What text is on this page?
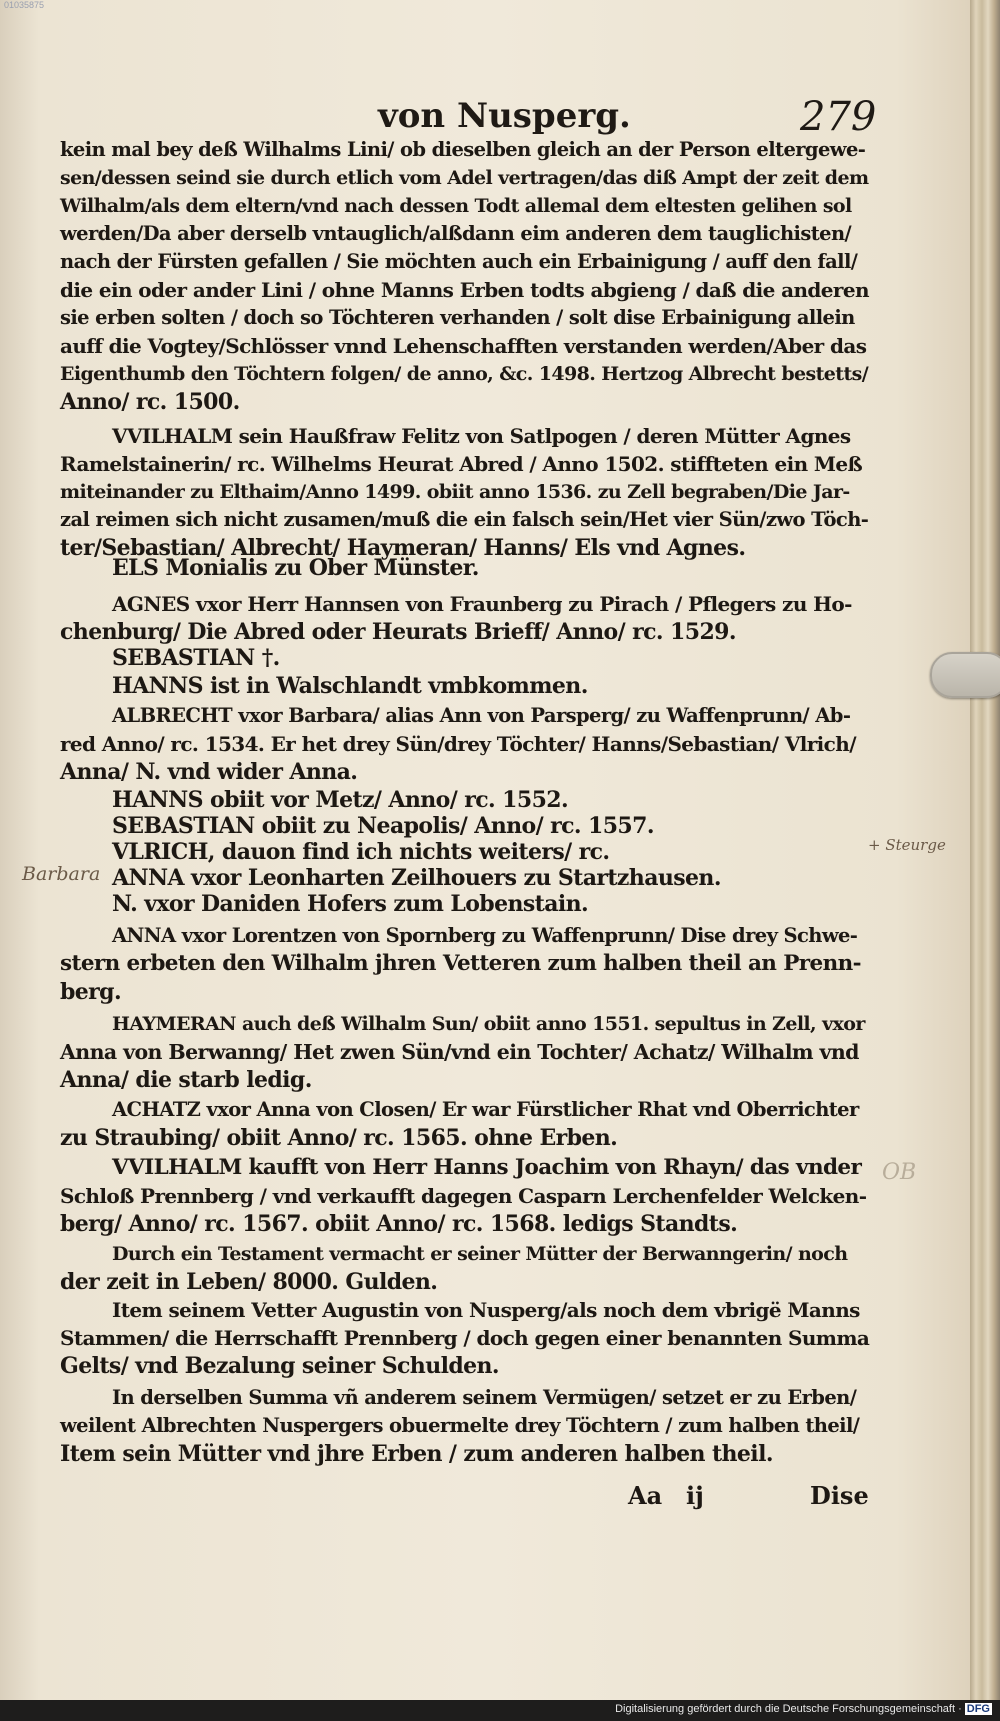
01035875
von Nusperg.	279
kein mal bey deß Wilhalms Lini/ ob dieselben gleich an der Person eltergewe-
sen/dessen seind sie durch etlich vom Adel vertragen/das diß Ampt der zeit dem
Wilhalm/als dem eltern/vnd nach dessen Todt allemal dem eltesten gelihen sol
werden/Da aber derselb vntauglich/alßdann eim anderen dem tauglichisten/
nach der Fürsten gefallen / Sie möchten auch ein Erbainigung / auff den fall/
die ein oder ander Lini / ohne Manns Erben todts abgieng / daß die anderen
sie erben solten / doch so Töchteren verhanden / solt dise Erbainigung allein
auff die Vogtey/Schlösser vnnd Lehenschafften verstanden werden/Aber das
Eigenthumb den Töchtern folgen/ de anno, &c. 1498. Hertzog Albrecht bestetts/
Anno/ rc. 1500.
VVILHALM sein Haußfraw Felitz von Satlpogen / deren Mütter Agnes
Ramelstainerin/ rc. Wilhelms Heurat Abred / Anno 1502. stiffteten ein Meß
miteinander zu Elthaim/Anno 1499. obiit anno 1536. zu Zell begraben/Die Jar-
zal reimen sich nicht zusamen/muß die ein falsch sein/Het vier Sün/zwo Töch-
ter/Sebastian/ Albrecht/ Haymeran/ Hanns/ Els vnd Agnes.
ELS Monialis zu Ober Münster.
AGNES vxor Herr Hannsen von Fraunberg zu Pirach / Pflegers zu Ho-
chenburg/ Die Abred oder Heurats Brieff/ Anno/ rc. 1529.
SEBASTIAN †.
HANNS ist in Walschlandt vmbkommen.
ALBRECHT vxor Barbara/ alias Ann von Parsperg/ zu Waffenprunn/ Ab-
red Anno/ rc. 1534. Er het drey Sün/drey Töchter/ Hanns/Sebastian/ Vlrich/
Anna/ N. vnd wider Anna.
HANNS obiit vor Metz/ Anno/ rc. 1552.
SEBASTIAN obiit zu Neapolis/ Anno/ rc. 1557.
VLRICH, dauon find ich nichts weiters/ rc.
ANNA vxor Leonharten Zeilhouers zu Startzhausen.
N. vxor Daniden Hofers zum Lobenstain.
ANNA vxor Lorentzen von Spornberg zu Waffenprunn/ Dise drey Schwe-
stern erbeten den Wilhalm jhren Vetteren zum halben theil an Prenn-
berg.
HAYMERAN auch deß Wilhalm Sun/ obiit anno 1551. sepultus in Zell, vxor
Anna von Berwanng/ Het zwen Sün/vnd ein Tochter/ Achatz/ Wilhalm vnd
Anna/ die starb ledig.
ACHATZ vxor Anna von Closen/ Er war Fürstlicher Rhat vnd Oberrichter
zu Straubing/ obiit Anno/ rc. 1565. ohne Erben.
VVILHALM kaufft von Herr Hanns Joachim von Rhayn/ das vnder
Schloß Prennberg / vnd verkaufft dagegen Casparn Lerchenfelder Welcken-
berg/ Anno/ rc. 1567. obiit Anno/ rc. 1568. ledigs Standts.
Durch ein Testament vermacht er seiner Mütter der Berwanngerin/ noch
der zeit in Leben/ 8000. Gulden.
Item seinem Vetter Augustin von Nusperg/als noch dem vbrigë Manns
Stammen/ die Herrschafft Prennberg / doch gegen einer benannten Summa
Gelts/ vnd Bezalung seiner Schulden.
In derselben Summa vñ anderem seinem Vermügen/ setzet er zu Erben/
weilent Albrechten Nuspergers obuermelte drey Töchtern / zum halben theil/
Item sein Mütter vnd jhre Erben / zum anderen halben theil.
Barbara
+ Steurge
OB
Aa ij	Dise
Digitalisierung gefördert durch die Deutsche Forschungsgemeinschaft · DFG
